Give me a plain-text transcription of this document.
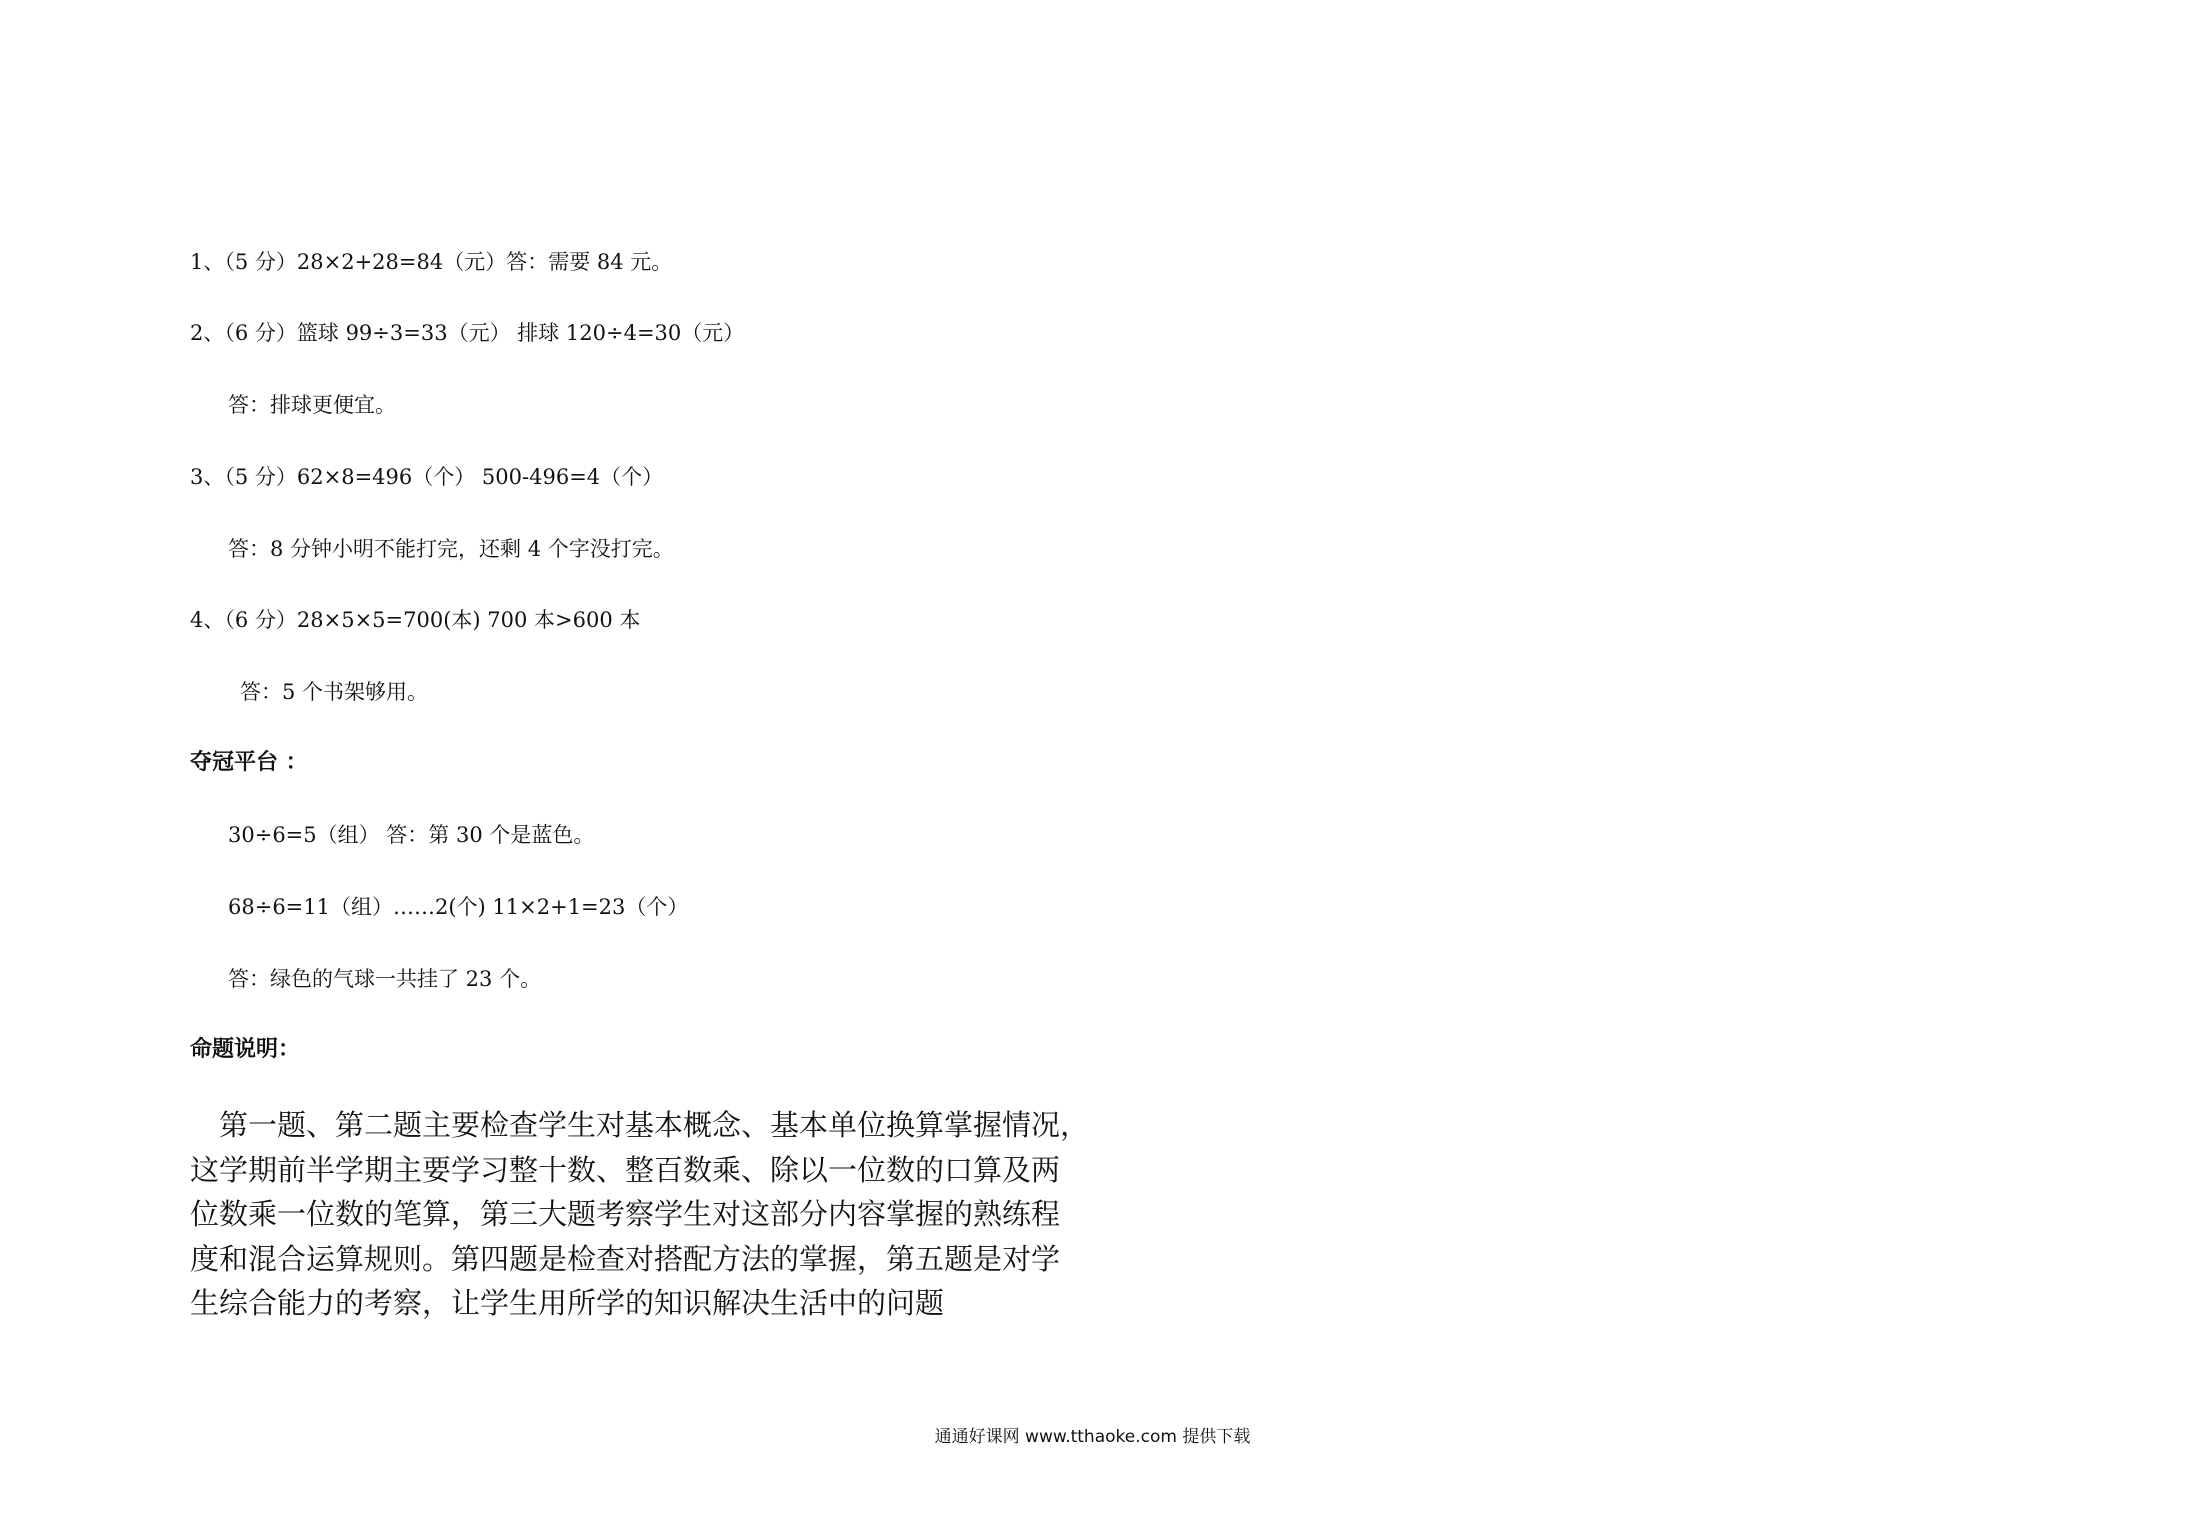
1、（5 分）28×2+28=84（元）答：需要 84 元。
2、（6 分）篮球 99÷3=33（元） 排球 120÷4=30（元）
答：排球更便宜。
3、（5 分）62×8=496（个） 500-496=4（个）
答：8 分钟小明不能打完，还剩 4 个字没打完。
4、（6 分）28×5×5=700(本) 700 本>600 本
答：5 个书架够用。
夺冠平台 ：
30÷6=5（组） 答：第 30 个是蓝色。
68÷6=11（组）……2(个) 11×2+1=23（个）
答：绿色的气球一共挂了 23 个。
命题说明：
　第一题、第二题主要检查学生对基本概念、基本单位换算掌握情况，
这学期前半学期主要学习整十数、整百数乘、除以一位数的口算及两
位数乘一位数的笔算，第三大题考察学生对这部分内容掌握的熟练程
度和混合运算规则。第四题是检查对搭配方法的掌握，第五题是对学
生综合能力的考察，让学生用所学的知识解决生活中的问题
通通好课网 www.tthaoke.com 提供下载
